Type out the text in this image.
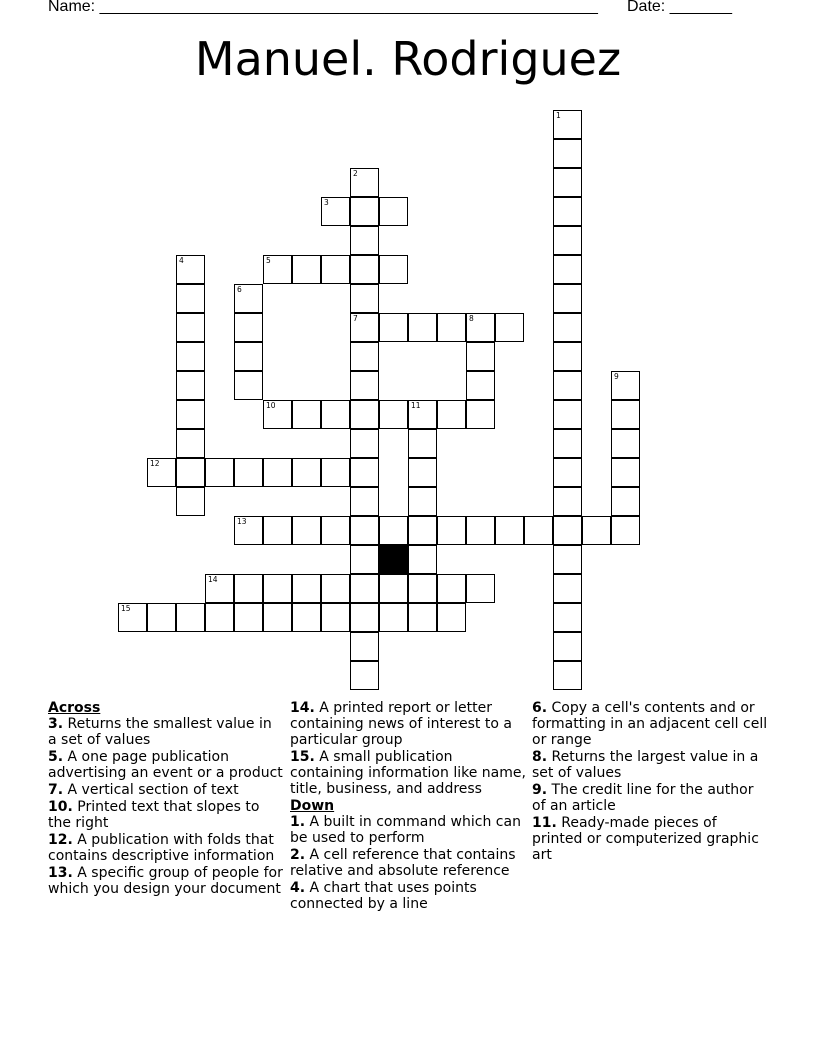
Name: ________________________________________________________ Date: _______
Manuel. Rodriguez
1
2
7
3
4	5
6
8
9
10	11
12
13
14
15
Across
3. Returns the smallest value in a set of values
5. A one page publication advertising an event or a product
7. A vertical section of text
10. Printed text that slopes to the right
12. A publication with folds that contains descriptive information
13. A specific group of people for which you design your document
14. A printed report or letter containing news of interest to a particular group
15. A small publication containing information like name, title, business, and address
Down
1. A built in command which can be used to perform
2. A cell reference that contains relative and absolute reference
4. A chart that uses points connected by a line
6. Copy a cell's contents and or formatting in an adjacent cell cell or range
8. Returns the largest value in a set of values
9. The credit line for the author of an article
11. Ready-made pieces of printed or computerized graphic art
